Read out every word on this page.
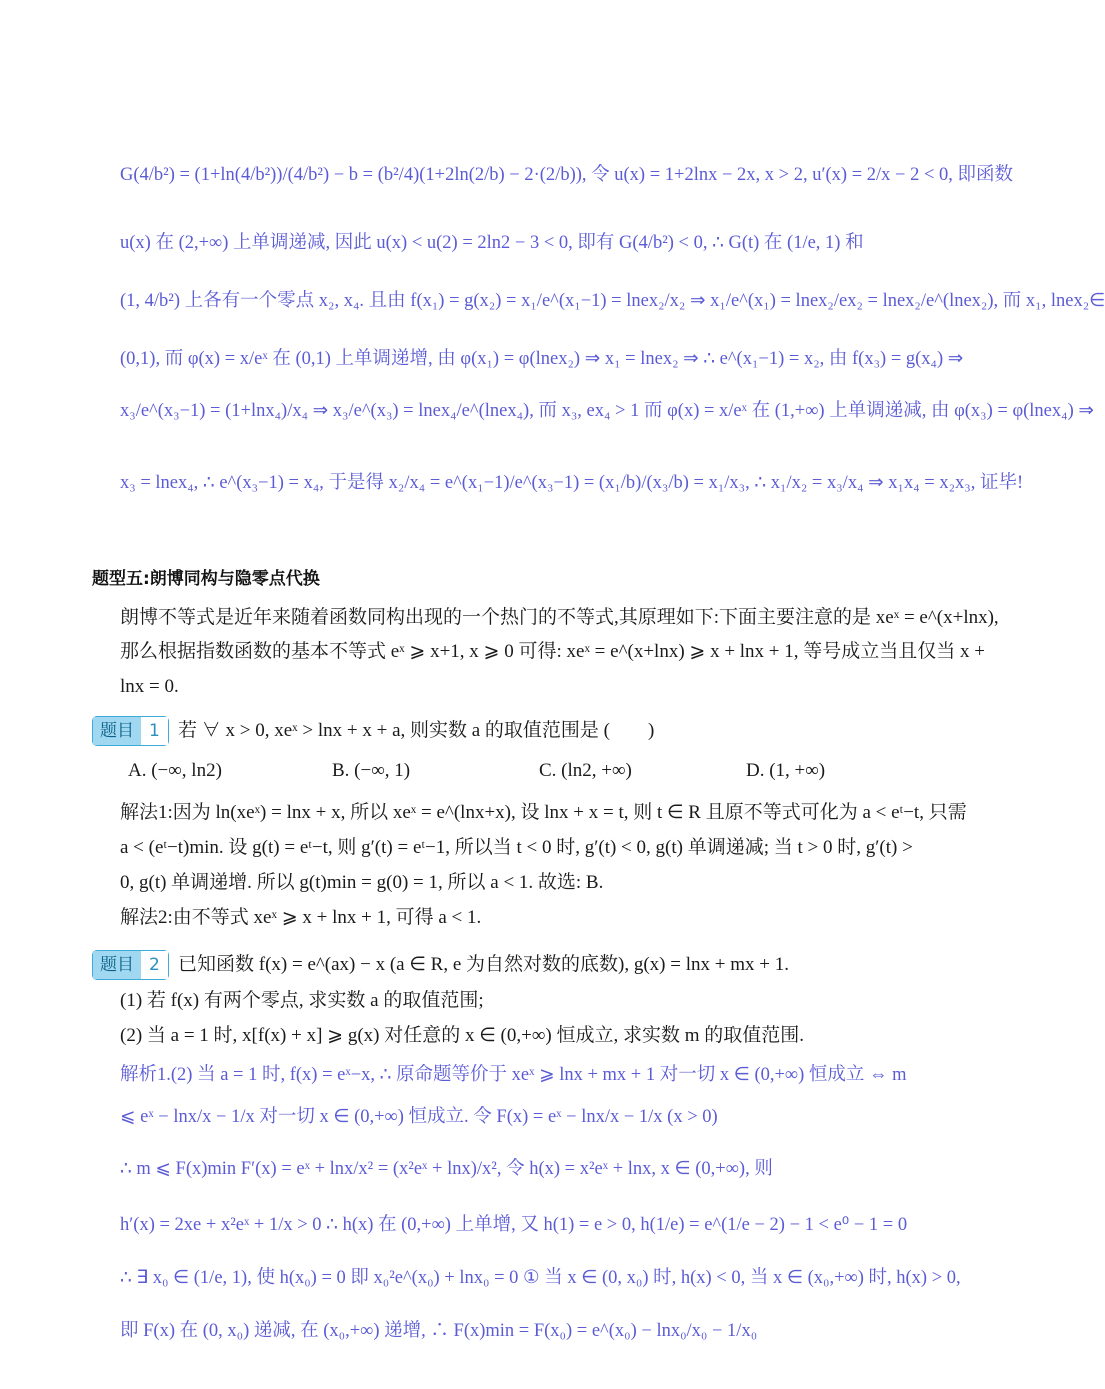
G(4/b²) = (1+ln(4/b²))/(4/b²) − b = (b²/4)(1+2ln(2/b) − 2·(2/b)), 令 u(x) = 1+2lnx − 2x, x > 2, u′(x) = 2/x − 2 < 0, 即函数
u(x) 在 (2,+∞) 上单调递减, 因此 u(x) < u(2) = 2ln2 − 3 < 0, 即有 G(4/b²) < 0, ∴ G(t) 在 (1/e, 1) 和
(1, 4/b²) 上各有一个零点 x₂, x₄. 且由 f(x₁) = g(x₂) = x₁/e^(x₁−1) = lnex₂/x₂ ⇒ x₁/e^(x₁) = lnex₂/ex₂ = lnex₂/e^(lnex₂), 而 x₁, lnex₂∈
(0,1), 而 φ(x) = x/eˣ 在 (0,1) 上单调递增, 由 φ(x₁) = φ(lnex₂) ⇒ x₁ = lnex₂ ⇒ ∴ e^(x₁−1) = x₂, 由 f(x₃) = g(x₄) ⇒
x₃/e^(x₃−1) = (1+lnx₄)/x₄ ⇒ x₃/e^(x₃) = lnex₄/e^(lnex₄), 而 x₃, ex₄ > 1 而 φ(x) = x/eˣ 在 (1,+∞) 上单调递减, 由 φ(x₃) = φ(lnex₄) ⇒
x₃ = lnex₄, ∴ e^(x₃−1) = x₄, 于是得 x₂/x₄ = e^(x₁−1)/e^(x₃−1) = (x₁/b)/(x₃/b) = x₁/x₃, ∴ x₁/x₂ = x₃/x₄ ⇒ x₁x₄ = x₂x₃, 证毕!
题型五:朗博同构与隐零点代换
朗博不等式是近年来随着函数同构出现的一个热门的不等式,其原理如下:下面主要注意的是 xeˣ = e^(x+lnx),
那么根据指数函数的基本不等式 eˣ ⩾ x+1, x ⩾ 0 可得: xeˣ = e^(x+lnx) ⩾ x + lnx + 1, 等号成立当且仅当 x +
lnx = 0.
题目 1 若 ∀ x > 0, xeˣ > lnx + x + a, 则实数 a 的取值范围是 (　　)
A. (−∞, ln2)	B. (−∞, 1)	C. (ln2, +∞)	D. (1, +∞)
解法1:因为 ln(xeˣ) = lnx + x, 所以 xeˣ = e^(lnx+x), 设 lnx + x = t, 则 t ∈ R 且原不等式可化为 a < eᵗ−t, 只需
a < (eᵗ−t)min. 设 g(t) = eᵗ−t, 则 g′(t) = eᵗ−1, 所以当 t < 0 时, g′(t) < 0, g(t) 单调递减; 当 t > 0 时, g′(t) >
0, g(t) 单调递增. 所以 g(t)min = g(0) = 1, 所以 a < 1. 故选: B.
解法2:由不等式 xeˣ ⩾ x + lnx + 1, 可得 a < 1.
题目 2 已知函数 f(x) = e^(ax) − x (a ∈ R, e 为自然对数的底数), g(x) = lnx + mx + 1.
(1) 若 f(x) 有两个零点, 求实数 a 的取值范围;
(2) 当 a = 1 时, x[f(x) + x] ⩾ g(x) 对任意的 x ∈ (0,+∞) 恒成立, 求实数 m 的取值范围.
解析1.(2) 当 a = 1 时, f(x) = eˣ−x, ∴ 原命题等价于 xeˣ ⩾ lnx + mx + 1 对一切 x ∈ (0,+∞) 恒成立 ⇔ m
⩽ eˣ − lnx/x − 1/x 对一切 x ∈ (0,+∞) 恒成立. 令 F(x) = eˣ − lnx/x − 1/x (x > 0)
∴ m ⩽ F(x)min F′(x) = eˣ + lnx/x² = (x²eˣ + lnx)/x², 令 h(x) = x²eˣ + lnx, x ∈ (0,+∞), 则
h′(x) = 2xe + x²eˣ + 1/x > 0 ∴ h(x) 在 (0,+∞) 上单增, 又 h(1) = e > 0, h(1/e) = e^(1/e − 2) − 1 < e⁰ − 1 = 0
∴ ∃ x₀ ∈ (1/e, 1), 使 h(x₀) = 0 即 x₀²e^(x₀) + lnx₀ = 0 ① 当 x ∈ (0, x₀) 时, h(x) < 0, 当 x ∈ (x₀,+∞) 时, h(x) > 0,
即 F(x) 在 (0, x₀) 递减, 在 (x₀,+∞) 递增, ∴ F(x)min = F(x₀) = e^(x₀) − lnx₀/x₀ − 1/x₀
